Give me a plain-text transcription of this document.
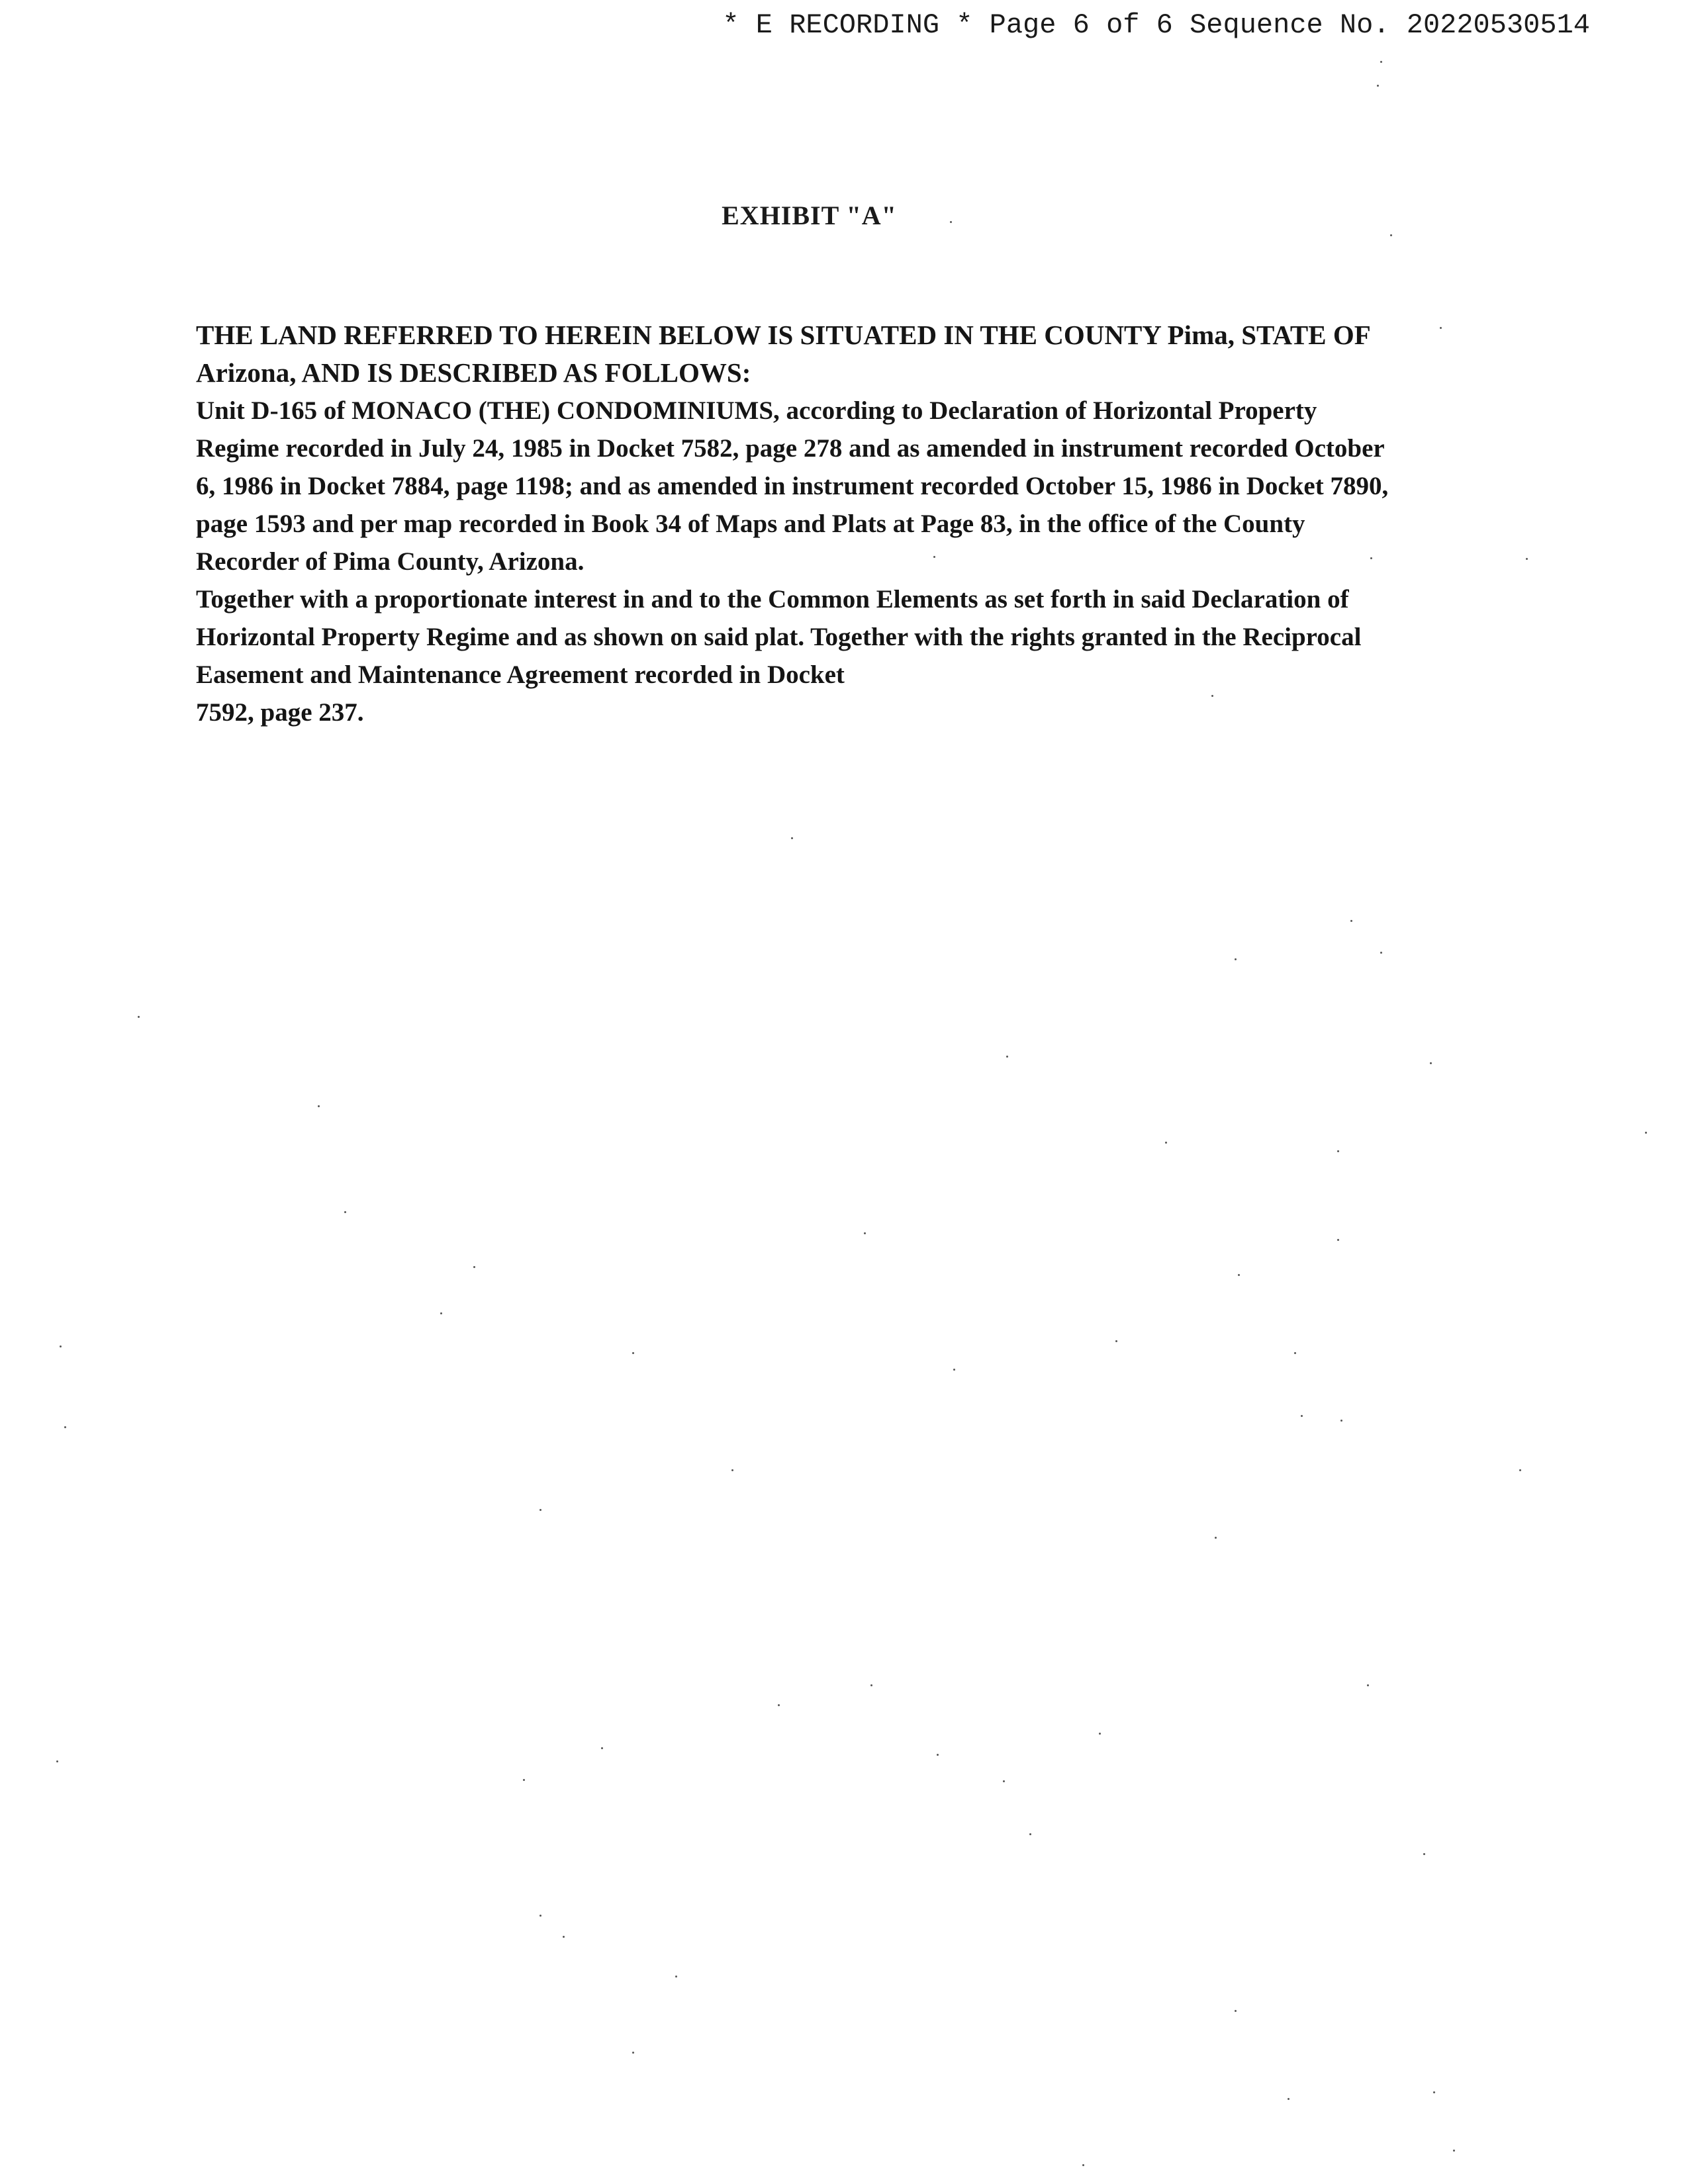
* E RECORDING * Page 6 of 6 Sequence No. 20220530514
EXHIBIT "A"
THE LAND REFERRED TO HEREIN BELOW IS SITUATED IN THE COUNTY Pima, STATE OF
Arizona, AND IS DESCRIBED AS FOLLOWS:
Unit D-165 of MONACO (THE) CONDOMINIUMS, according to Declaration of Horizontal Property
Regime recorded in July 24, 1985 in Docket 7582, page 278 and as amended in instrument recorded October
6, 1986 in Docket 7884, page 1198; and as amended in instrument recorded October 15, 1986 in Docket 7890,
page 1593 and per map recorded in Book 34 of Maps and Plats at Page 83, in the office of the County
Recorder of Pima County, Arizona.
Together with a proportionate interest in and to the Common Elements as set forth in said Declaration of
Horizontal Property Regime and as shown on said plat. Together with the rights granted in the Reciprocal
Easement and Maintenance Agreement recorded in Docket
7592, page 237.
